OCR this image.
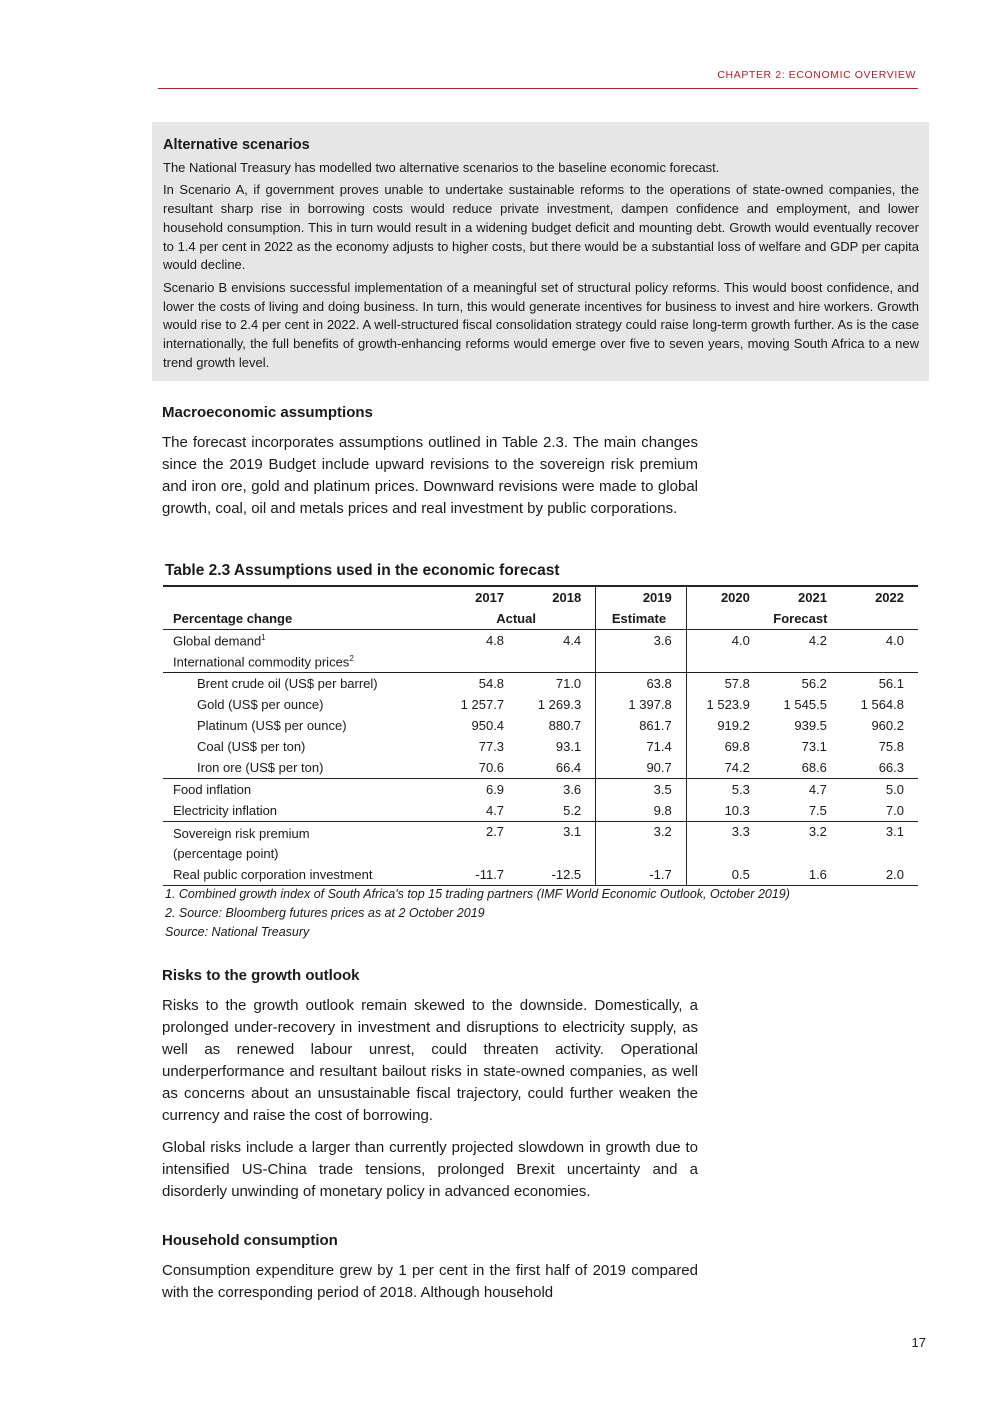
CHAPTER 2: ECONOMIC OVERVIEW
Alternative scenarios

The National Treasury has modelled two alternative scenarios to the baseline economic forecast.

In Scenario A, if government proves unable to undertake sustainable reforms to the operations of state-owned companies, the resultant sharp rise in borrowing costs would reduce private investment, dampen confidence and employment, and lower household consumption. This in turn would result in a widening budget deficit and mounting debt. Growth would eventually recover to 1.4 per cent in 2022 as the economy adjusts to higher costs, but there would be a substantial loss of welfare and GDP per capita would decline.

Scenario B envisions successful implementation of a meaningful set of structural policy reforms. This would boost confidence, and lower the costs of living and doing business. In turn, this would generate incentives for business to invest and hire workers. Growth would rise to 2.4 per cent in 2022. A well-structured fiscal consolidation strategy could raise long-term growth further. As is the case internationally, the full benefits of growth-enhancing reforms would emerge over five to seven years, moving South Africa to a new trend growth level.

Macroeconomic assumptions

The forecast incorporates assumptions outlined in Table 2.3. The main changes since the 2019 Budget include upward revisions to the sovereign risk premium and iron ore, gold and platinum prices. Downward revisions were made to global growth, coal, oil and metals prices and real investment by public corporations.

Table 2.3 Assumptions used in the economic forecast
	2017	2018	2019	2020	2021	2022
Percentage change	Actual		Estimate	Forecast		
Global demand$^1$	4.8	4.4	3.6	4.0	4.2	4.0
International commodity prices$^2$						
Brent crude oil (US$ per barrel)	54.8	71.0	63.8	57.8	56.2	56.1
Gold (US$ per ounce)	1 257.7	1 269.3	1 397.8	1 523.9	1 545.5	1 564.8
Platinum (US$ per ounce)	950.4	880.7	861.7	919.2	939.5	960.2
Coal (US$ per ton)	77.3	93.1	71.4	69.8	73.1	75.8
Iron ore (US$ per ton)	70.6	66.4	90.7	74.2	68.6	66.3
Food inflation	6.9	3.6	3.5	5.3	4.7	5.0
Electricity inflation	4.7	5.2	9.8	10.3	7.5	7.0
Sovereign risk premium
(percentage point)	2.7	3.1	3.2	3.3	3.2	3.1
Real public corporation investment	-11.7	-12.5	-1.7	0.5	1.6	2.0
1. Combined growth index of South Africa's top 15 trading partners (IMF World Economic Outlook, October 2019)
2. Source: Bloomberg futures prices as at 2 October 2019
Source: National Treasury
Risks to the growth outlook

Risks to the growth outlook remain skewed to the downside. Domestically, a prolonged under-recovery in investment and disruptions to electricity supply, as well as renewed labour unrest, could threaten activity. Operational underperformance and resultant bailout risks in state-owned companies, as well as concerns about an unsustainable fiscal trajectory, could further weaken the currency and raise the cost of borrowing.

Global risks include a larger than currently projected slowdown in growth due to intensified US-China trade tensions, prolonged Brexit uncertainty and a disorderly unwinding of monetary policy in advanced economies.

Household consumption

Consumption expenditure grew by 1 per cent in the first half of 2019 compared with the corresponding period of 2018. Although household

17
